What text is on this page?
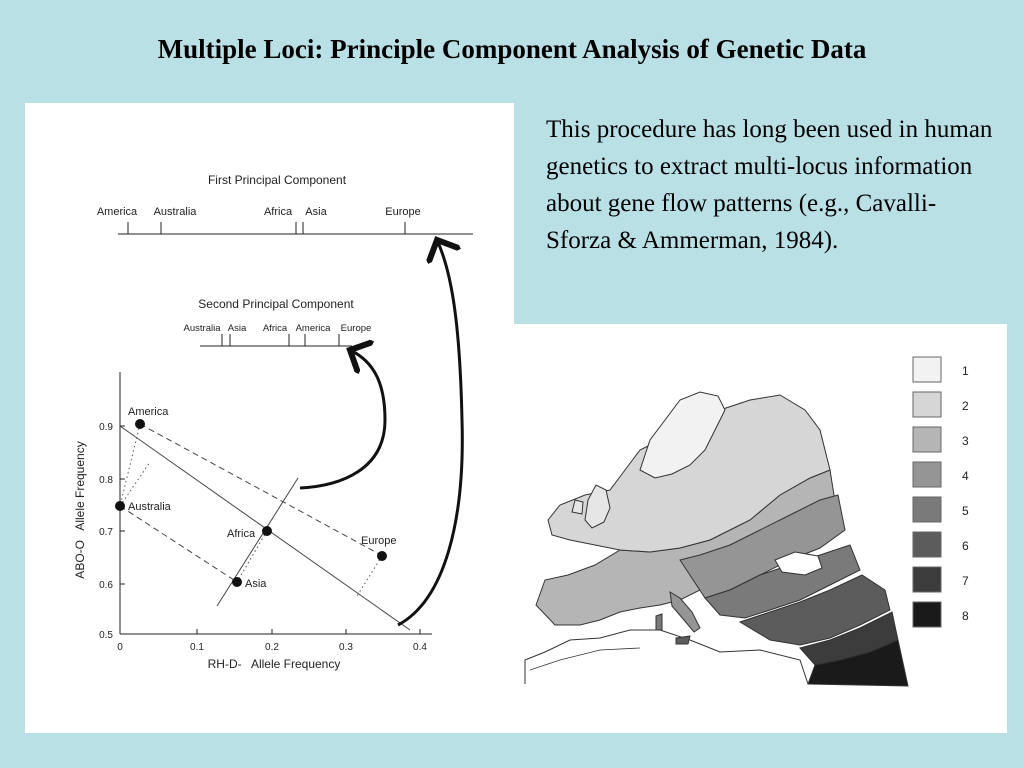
Multiple Loci: Principle Component Analysis of Genetic Data
This procedure has long been used in human genetics to extract multi-locus information about gene flow patterns (e.g., Cavalli-Sforza & Ammerman, 1984).
First Principal Component
America Australia	Africa Asia	Europe
Second Principal Component
Australia Asia Africa America Europe
0.9
0.8
0.7
0.6
0.5
0	0.1	0.2	0.3	0.4
RH-D-   Allele Frequency
ABO-O   Allele Frequency
America
Australia
Africa
Europe
Asia
1
2
3
4
5
6
7
8
